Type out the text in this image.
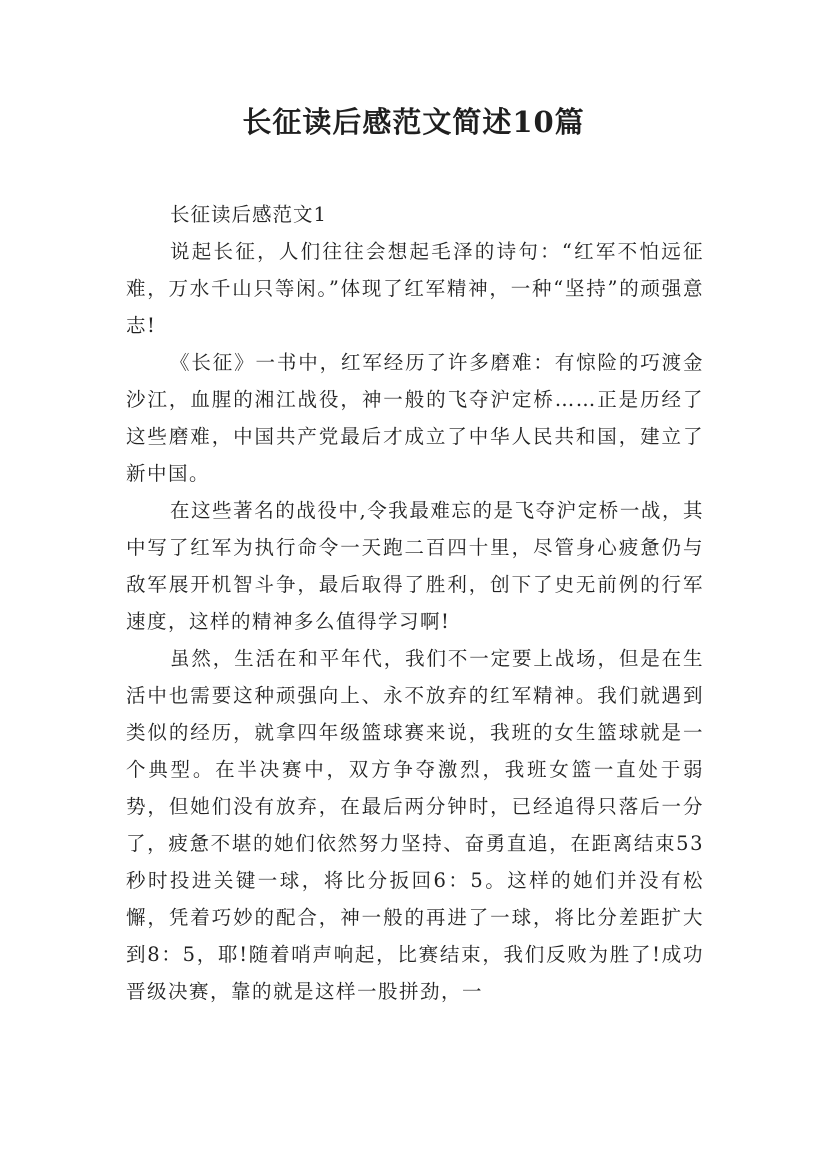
长征读后感范文简述10篇

长征读后感范文1

说起长征，人们往往会想起毛泽的诗句：“红军不怕远征难，万水千山只等闲。”体现了红军精神，一种“坚持”的顽强意志!

《长征》一书中，红军经历了许多磨难：有惊险的巧渡金沙江，血腥的湘江战役，神一般的飞夺沪定桥……正是历经了这些磨难，中国共产党最后才成立了中华人民共和国，建立了新中国。

在这些著名的战役中,令我最难忘的是飞夺沪定桥一战，其中写了红军为执行命令一天跑二百四十里，尽管身心疲惫仍与敌军展开机智斗争，最后取得了胜利，创下了史无前例的行军速度，这样的精神多么值得学习啊!

虽然，生活在和平年代，我们不一定要上战场，但是在生活中也需要这种顽强向上、永不放弃的红军精神。我们就遇到类似的经历，就拿四年级篮球赛来说，我班的女生篮球就是一个典型。在半决赛中，双方争夺激烈，我班女篮一直处于弱势，但她们没有放弃，在最后两分钟时，已经追得只落后一分了，疲惫不堪的她们依然努力坚持、奋勇直追，在距离结束53秒时投进关键一球，将比分扳回6：5。这样的她们并没有松懈，凭着巧妙的配合，神一般的再进了一球，将比分差距扩大到8：5，耶!随着哨声响起，比赛结束，我们反败为胜了!成功晋级决赛，靠的就是这样一股拼劲，一
